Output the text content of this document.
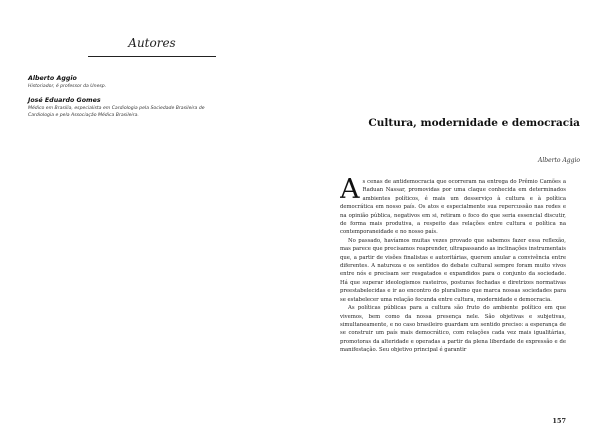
Autores
Alberto Aggio
Historiador, é professor da Unesp.
José Eduardo Gomes
Médico em Brasília, especialista em Cardiologia pela Sociedade Brasileira de
Cardiologia e pela Associação Médica Brasileira.
Cultura, modernidade e democracia
Alberto Aggio

As cenas de antidemocracia que ocorreram na entrega do Prêmio Camões a Raduan Nassar, promovidas por uma claque conhecida em determinados ambientes políticos, é mais um desserviço à cultura e à política democrática em nosso país. Os atos e especialmente sua repercussão nas redes e na opinião pública, negativos em si, retiram o foco do que seria essencial discutir, de forma mais produtiva, a respeito das relações entre cultura e política na contemporaneidade e no nosso país.

No passado, havíamos muitas vezes provado que sabemos fazer essa reflexão, mas parece que precisamos reaprender, ultrapassando as inclinações instrumentais que, a partir de visões finalistas e autoritárias, querem anular a convivência entre diferentes. A natureza e os sentidos do debate cultural sempre foram muito vivos entre nós e precisam ser resgatados e expandidos para o conjunto da sociedade. Há que superar ideologismos rasteiros, posturas fechadas e diretrizes normativas preestabelecidas e ir ao encontro do pluralismo que marca nossas sociedades para se estabelecer uma relação fecunda entre cultura, modernidade e democracia.

As políticas públicas para a cultura são fruto do ambiente político em que vivemos, bem como da nossa presença nele. São objetivas e subjetivas, simultaneamente, e no caso brasileiro guardam um sentido preciso: a esperança de se construir um país mais democrático, com relações cada vez mais igualitárias, promotoras da alteridade e operadas a partir da plena liberdade de expressão e de manifestação. Seu objetivo principal é garantir

157
